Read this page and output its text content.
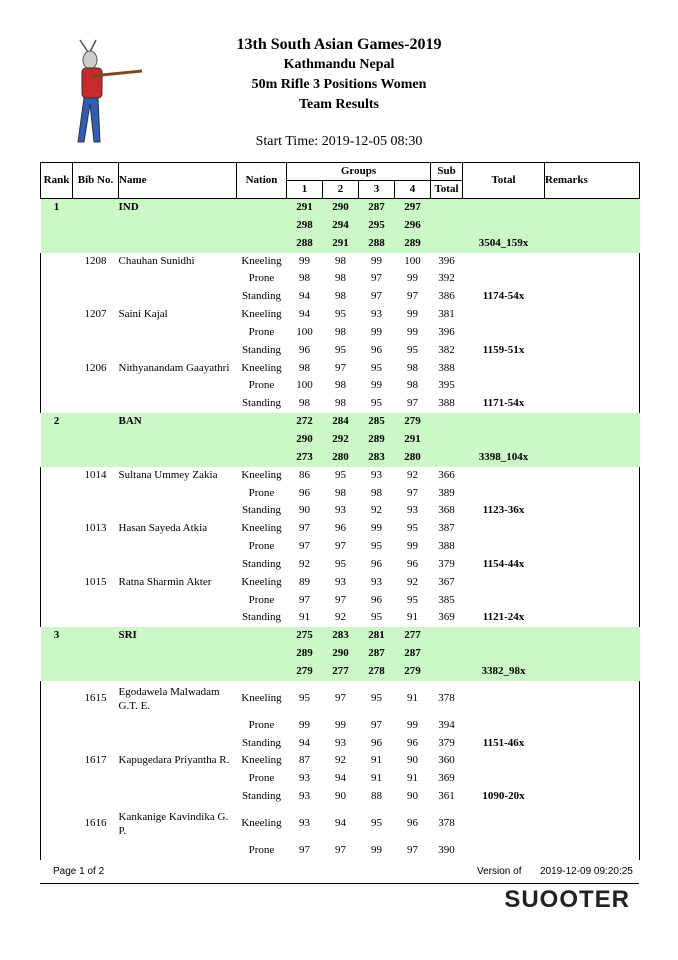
13th South Asian Games-2019
Kathmandu Nepal
50m Rifle 3 Positions Women
Team Results
Start Time: 2019-12-05 08:30
Rank	Bib No.	Name	Nation	Groups				Sub	Total	Remarks
				1	2	3	4	Total		
1		IND		291	290	287	297			
				298	294	295	296			
				288	291	288	289		3504_159x	
	1208	Chauhan Sunidhi	Kneeling	99	98	99	100	396		
			Prone	98	98	97	99	392		
			Standing	94	98	97	97	386	1174-54x	
	1207	Saini Kajal	Kneeling	94	95	93	99	381		
			Prone	100	98	99	99	396		
			Standing	96	95	96	95	382	1159-51x	
	1206	Nithyanandam Gaayathri	Kneeling	98	97	95	98	388		
			Prone	100	98	99	98	395		
			Standing	98	98	95	97	388	1171-54x	
2		BAN		272	284	285	279			
				290	292	289	291			
				273	280	283	280		3398_104x	
	1014	Sultana Ummey Zakia	Kneeling	86	95	93	92	366		
			Prone	96	98	98	97	389		
			Standing	90	93	92	93	368	1123-36x	
	1013	Hasan Sayeda Atkia	Kneeling	97	96	99	95	387		
			Prone	97	97	95	99	388		
			Standing	92	95	96	96	379	1154-44x	
	1015	Ratna Sharmin Akter	Kneeling	89	93	93	92	367		
			Prone	97	97	96	95	385		
			Standing	91	92	95	91	369	1121-24x	
3		SRI		275	283	281	277			
				289	290	287	287			
				279	277	278	279		3382_98x	
	1615	Egodawela Malwadam G.T. E.	Kneeling	95	97	95	91	378		
			Prone	99	99	97	99	394		
			Standing	94	93	96	96	379	1151-46x	
	1617	Kapugedara Priyantha R.	Kneeling	87	92	91	90	360		
			Prone	93	94	91	91	369		
			Standing	93	90	88	90	361	1090-20x	
	1616	Kankanige Kavindika G. P.	Kneeling	93	94	95	96	378		
			Prone	97	97	99	97	390		
Page 1 of 2	Version of 2019-12-09 09:20:25
SUOOTER
